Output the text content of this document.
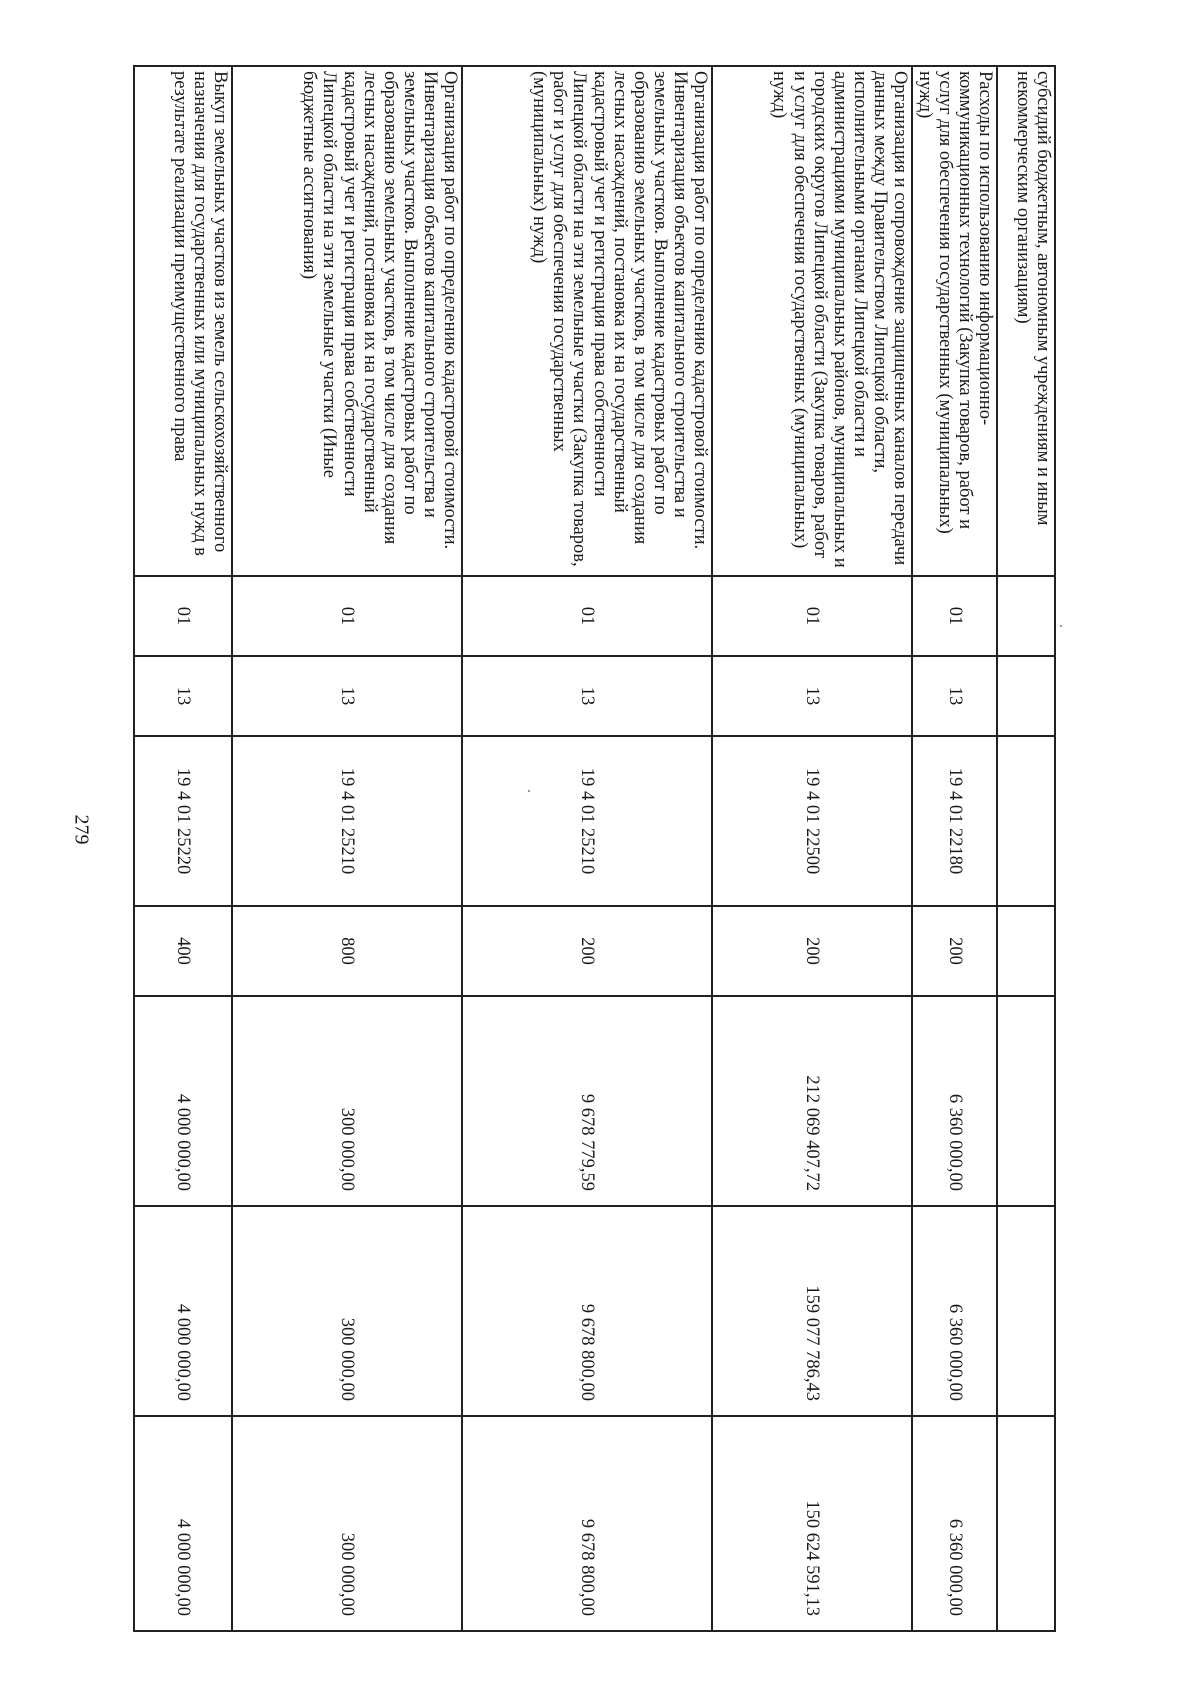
279
субсидий бюджетным, автономным учреждениям и иным некоммерческим организациям)							
Расходы по использованию информационно-коммуникационных технологий (Закупка товаров, работ и услуг для обеспечения государственных (муниципальных) нужд)	01	13	19 4 01 22180	200	6 360 000,00	6 360 000,00	6 360 000,00
Организация и сопровождение защищенных каналов передачи данных между Правительством Липецкой области, исполнительными органами Липецкой области и администрациями муниципальных районов, муниципальных и городских округов Липецкой области (Закупка товаров, работ и услуг для обеспечения государственных (муниципальных) нужд)	01	13	19 4 01 22500	200	212 069 407,72	159 077 786,43	150 624 591,13
Организация работ по определению кадастровой стоимости. Инвентаризация объектов капитального строительства и земельных участков. Выполнение кадастровых работ по образованию земельных участков, в том числе для создания лесных насаждений, постановка их на государственный кадастровый учет и регистрация права собственности Липецкой области на эти земельные участки (Закупка товаров, работ и услуг для обеспечения государственных (муниципальных) нужд)	01	13	19 4 01 25210	200	9 678 779,59	9 678 800,00	9 678 800,00
Организация работ по определению кадастровой стоимости. Инвентаризация объектов капитального строительства и земельных участков. Выполнение кадастровых работ по образованию земельных участков, в том числе для создания лесных насаждений, постановка их на государственный кадастровый учет и регистрация права собственности Липецкой области на эти земельные участки (Иные бюджетные ассигнования)	01	13	19 4 01 25210	800	300 000,00	300 000,00	300 000,00
Выкуп земельных участков из земель сельскохозяйственного назначения для государственных или муниципальных нужд в результате реализации преимущественного права	01	13	19 4 01 25220	400	4 000 000,00	4 000 000,00	4 000 000,00
